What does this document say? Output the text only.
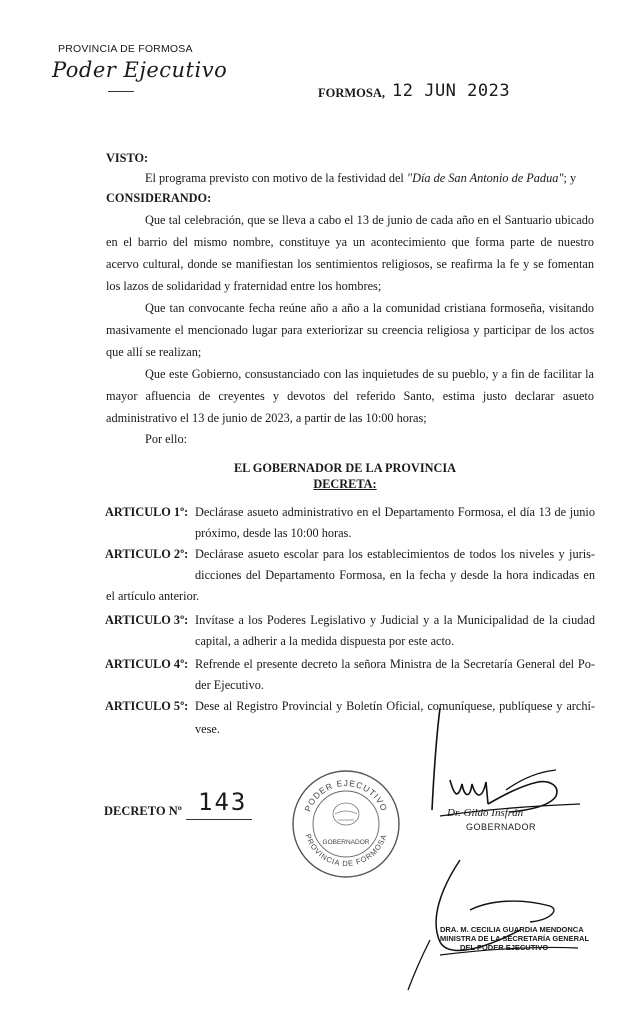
PROVINCIA DE FORMOSA
Poder Ejecutivo
FORMOSA, 12 JUN 2023
VISTO:
El programa previsto con motivo de la festividad del "Día de San Antonio de Padua"; y
CONSIDERANDO:
Que tal celebración, que se lleva a cabo el 13 de junio de cada año en el Santuario ubicado
en el barrio del mismo nombre, constituye ya un acontecimiento que forma parte de nuestro
acervo cultural, donde se manifiestan los sentimientos religiosos, se reafirma la fe y se fomentan
los lazos de solidaridad y fraternidad entre los hombres;
Que tan convocante fecha reúne año a año a la comunidad cristiana formoseña, visitando
masivamente el mencionado lugar para exteriorizar su creencia religiosa y participar de los actos
que allí se realizan;
Que este Gobierno, consustanciado con las inquietudes de su pueblo, y a fin de facilitar la
mayor afluencia de creyentes y devotos del referido Santo, estima justo declarar asueto
administrativo el 13 de junio de 2023, a partir de las 10:00 horas;
Por ello:
EL GOBERNADOR DE LA PROVINCIA
DECRETA:
ARTICULO 1º: Declárase asueto administrativo en el Departamento Formosa, el día 13 de junio
próximo, desde las 10:00 horas.
ARTICULO 2º: Declárase asueto escolar para los establecimientos de todos los niveles y juris-
dicciones del Departamento Formosa, en la fecha y desde la hora indicadas en
el artículo anterior.
ARTICULO 3º: Invítase a los Poderes Legislativo y Judicial y a la Municipalidad de la ciudad
capital, a adherir a la medida dispuesta por este acto.
ARTICULO 4º: Refrende el presente decreto la señora Ministra de la Secretaría General del Po-
der Ejecutivo.
ARTICULO 5º: Dese al Registro Provincial y Boletín Oficial, comuníquese, publíquese y archí-
vese.
DECRETO Nº 143	PODER EJECUTIVO
PROVINCIA DE FORMOSA
GOBERNADOR
Dr. Gildo Insfrán
GOBERNADOR
DRA. M. CECILIA GUARDIA MENDONCA
MINISTRA DE LA SECRETARÍA GENERAL
DEL PODER EJECUTIVO
